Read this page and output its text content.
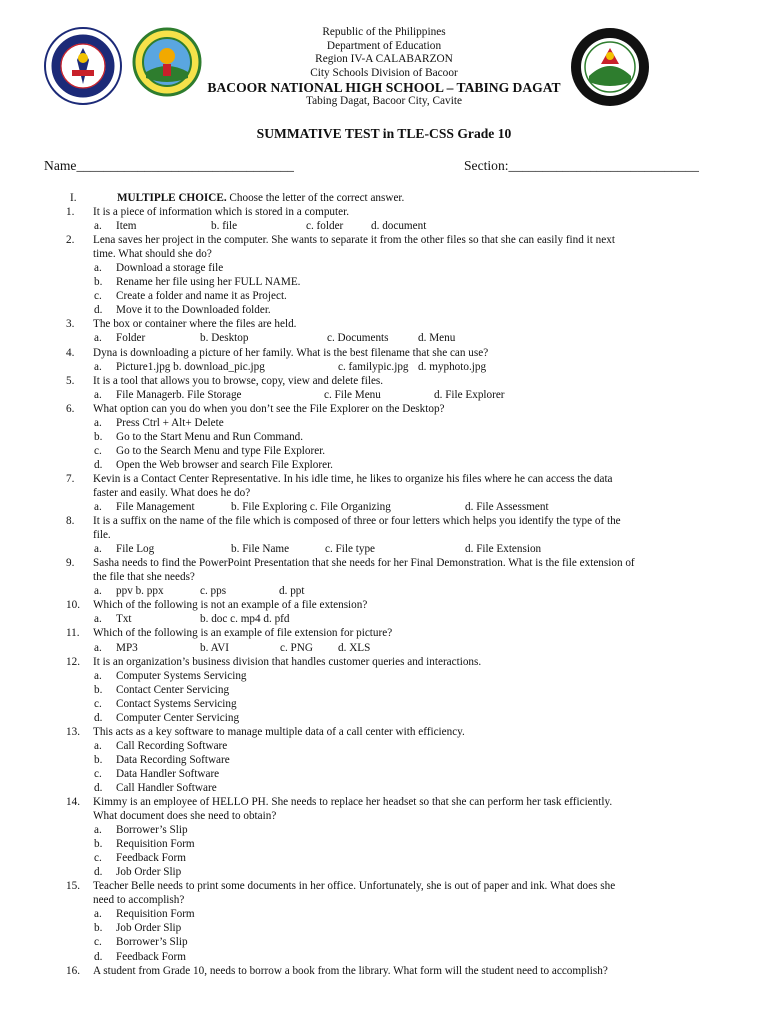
Republic of the Philippines
Department of Education
Region IV-A CALABARZON
City Schools Division of Bacoor
BACOOR NATIONAL HIGH SCHOOL – TABING DAGAT
Tabing Dagat, Bacoor City, Cavite
SUMMATIVE TEST in TLE-CSS Grade 10
Name________________________________	Section:____________________________
I.	MULTIPLE CHOICE. Choose the letter of the correct answer.
1. It is a piece of information which is stored in a computer.
a. Item	b. file	c. folder d. document
2. Lena saves her project in the computer. She wants to separate it from the other files so that she can easily find it next
time. What should she do?
a. Download a storage file
b. Rename her file using her FULL NAME.
c. Create a folder and name it as Project.
d. Move it to the Downloaded folder.
3. The box or container where the files are held.
a. Folder	b. Desktop	c. Documents	d. Menu
4. Dyna is downloading a picture of her family. What is the best filename that she can use?
a. Picture1.jpg b. download_pic.jpg	c. familypic.jpg d. myphoto.jpg
5. It is a tool that allows you to browse, copy, view and delete files.
a. File Managerb. File Storage	c. File Menu	d. File Explorer
6. What option can you do when you don’t see the File Explorer on the Desktop?
a. Press Ctrl + Alt+ Delete
b. Go to the Start Menu and Run Command.
c. Go to the Search Menu and type File Explorer.
d. Open the Web browser and search File Explorer.
7. Kevin is a Contact Center Representative. In his idle time, he likes to organize his files where he can access the data
faster and easily. What does he do?
a. File Management	b. File Exploring c. File Organizing	d. File Assessment
8. It is a suffix on the name of the file which is composed of three or four letters which helps you identify the type of the
file.
a. File Log	b. File Name	c. File type	d. File Extension
9. Sasha needs to find the PowerPoint Presentation that she needs for her Final Demonstration. What is the file extension of
the file that she needs?
a. ppv b. ppx	c. pps	d. ppt
10. Which of the following is not an example of a file extension?
a. Txt	b. doc c. mp4 d. pfd
11. Which of the following is an example of file extension for picture?
a. MP3	b. AVI	c. PNG d. XLS
12. It is an organization’s business division that handles customer queries and interactions.
a. Computer Systems Servicing
b. Contact Center Servicing
c. Contact Systems Servicing
d. Computer Center Servicing
13. This acts as a key software to manage multiple data of a call center with efficiency.
a. Call Recording Software
b. Data Recording Software
c. Data Handler Software
d. Call Handler Software
14. Kimmy is an employee of HELLO PH. She needs to replace her headset so that she can perform her task efficiently.
What document does she need to obtain?
a. Borrower’s Slip
b. Requisition Form
c. Feedback Form
d. Job Order Slip
15. Teacher Belle needs to print some documents in her office. Unfortunately, she is out of paper and ink. What does she
need to accomplish?
a. Requisition Form
b. Job Order Slip
c. Borrower’s Slip
d. Feedback Form
16. A student from Grade 10, needs to borrow a book from the library. What form will the student need to accomplish?
